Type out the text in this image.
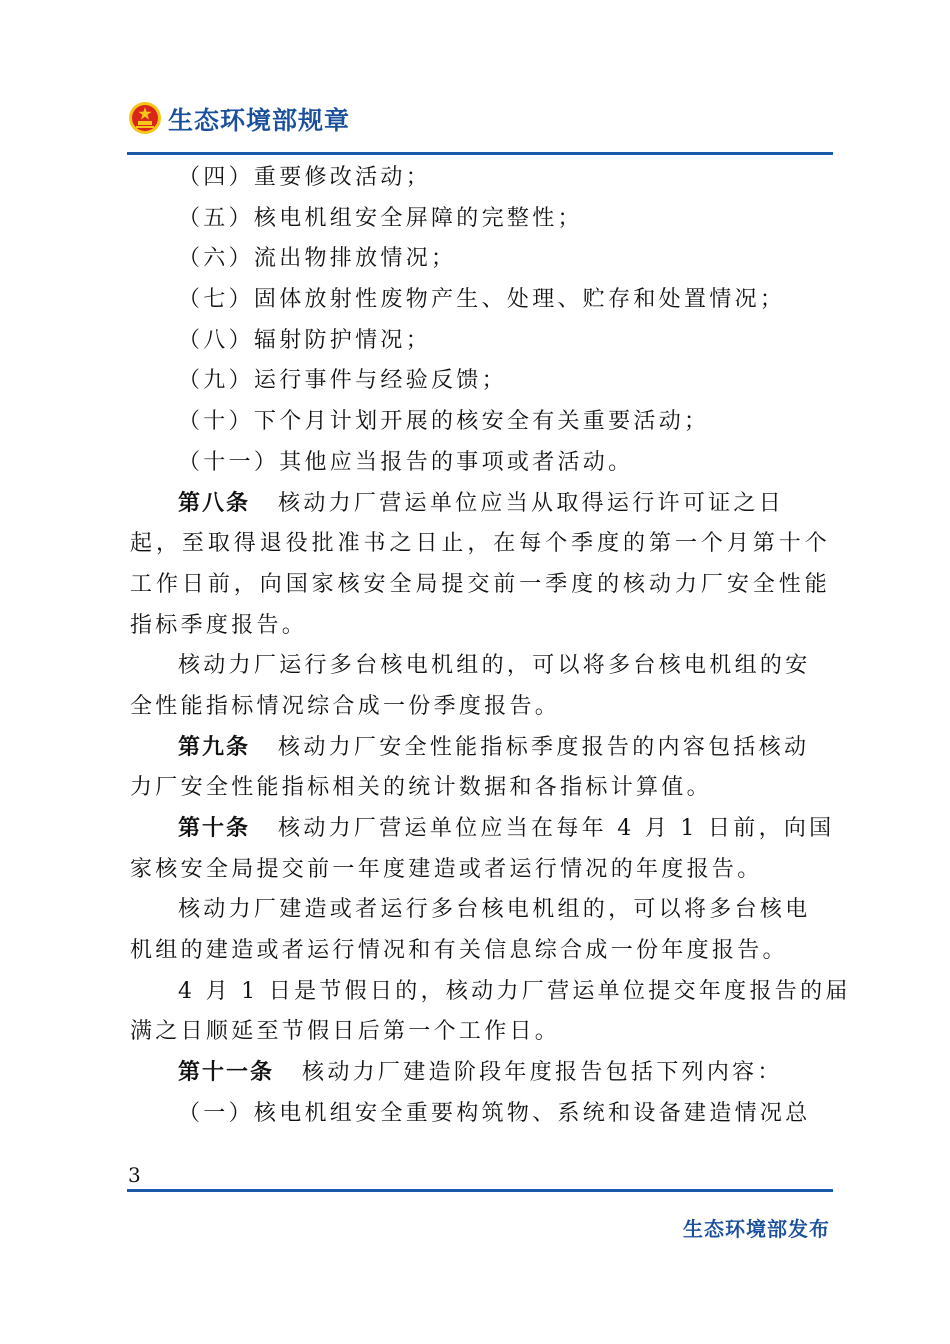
生态环境部规章
（四）重要修改活动；
（五）核电机组安全屏障的完整性；
（六）流出物排放情况；
（七）固体放射性废物产生、处理、贮存和处置情况；
（八）辐射防护情况；
（九）运行事件与经验反馈；
（十）下个月计划开展的核安全有关重要活动；
（十一）其他应当报告的事项或者活动。
第八条 核动力厂营运单位应当从取得运行许可证之日
起，至取得退役批准书之日止，在每个季度的第一个月第十个
工作日前，向国家核安全局提交前一季度的核动力厂安全性能
指标季度报告。
核动力厂运行多台核电机组的，可以将多台核电机组的安
全性能指标情况综合成一份季度报告。
第九条 核动力厂安全性能指标季度报告的内容包括核动
力厂安全性能指标相关的统计数据和各指标计算值。
第十条 核动力厂营运单位应当在每年 4 月 1 日前，向国
家核安全局提交前一年度建造或者运行情况的年度报告。
核动力厂建造或者运行多台核电机组的，可以将多台核电
机组的建造或者运行情况和有关信息综合成一份年度报告。
4 月 1 日是节假日的，核动力厂营运单位提交年度报告的届
满之日顺延至节假日后第一个工作日。
第十一条 核动力厂建造阶段年度报告包括下列内容：
（一）核电机组安全重要构筑物、系统和设备建造情况总
3
生态环境部发布
